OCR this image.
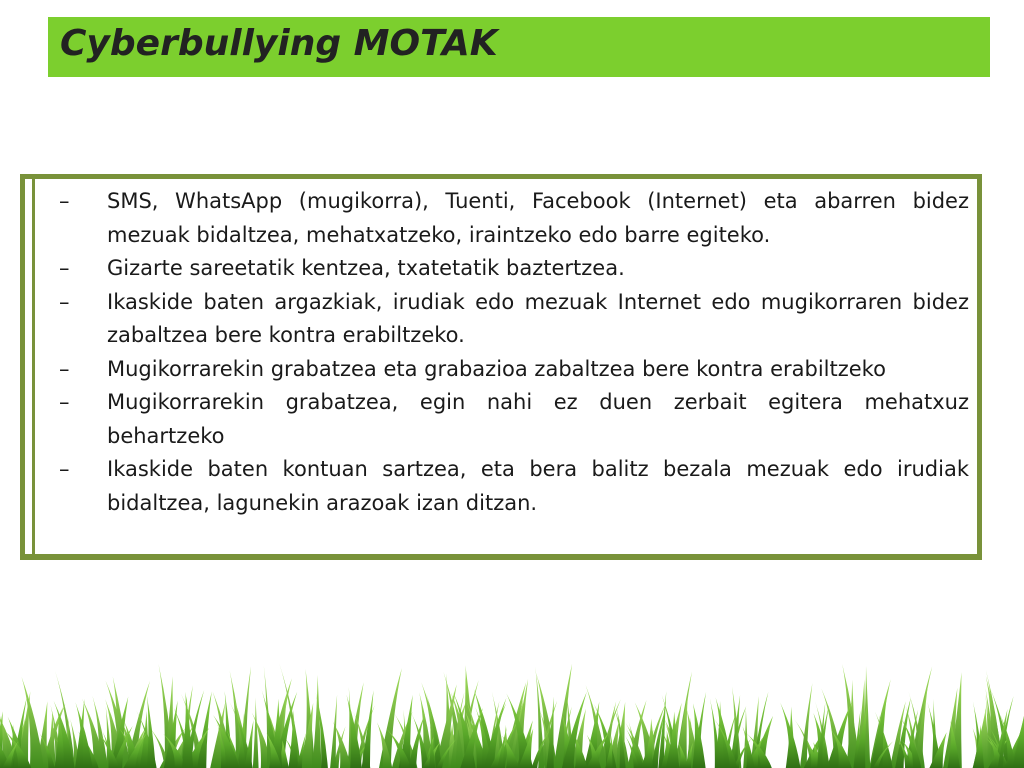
Cyberbullying MOTAK
– SMS, WhatsApp (mugikorra), Tuenti, Facebook (Internet) eta abarren bidez mezuak bidaltzea, mehatxatzeko, iraintzeko edo barre egiteko.
– Gizarte sareetatik kentzea, txatetatik baztertzea.
– Ikaskide baten argazkiak, irudiak edo mezuak Internet edo mugikorraren bidez zabaltzea bere kontra erabiltzeko.
– Mugikorrarekin grabatzea eta grabazioa zabaltzea bere kontra erabiltzeko
– Mugikorrarekin grabatzea, egin nahi ez duen zerbait egitera mehatxuz behartzeko
– Ikaskide baten kontuan sartzea, eta bera balitz bezala mezuak edo irudiak bidaltzea, lagunekin arazoak izan ditzan.
